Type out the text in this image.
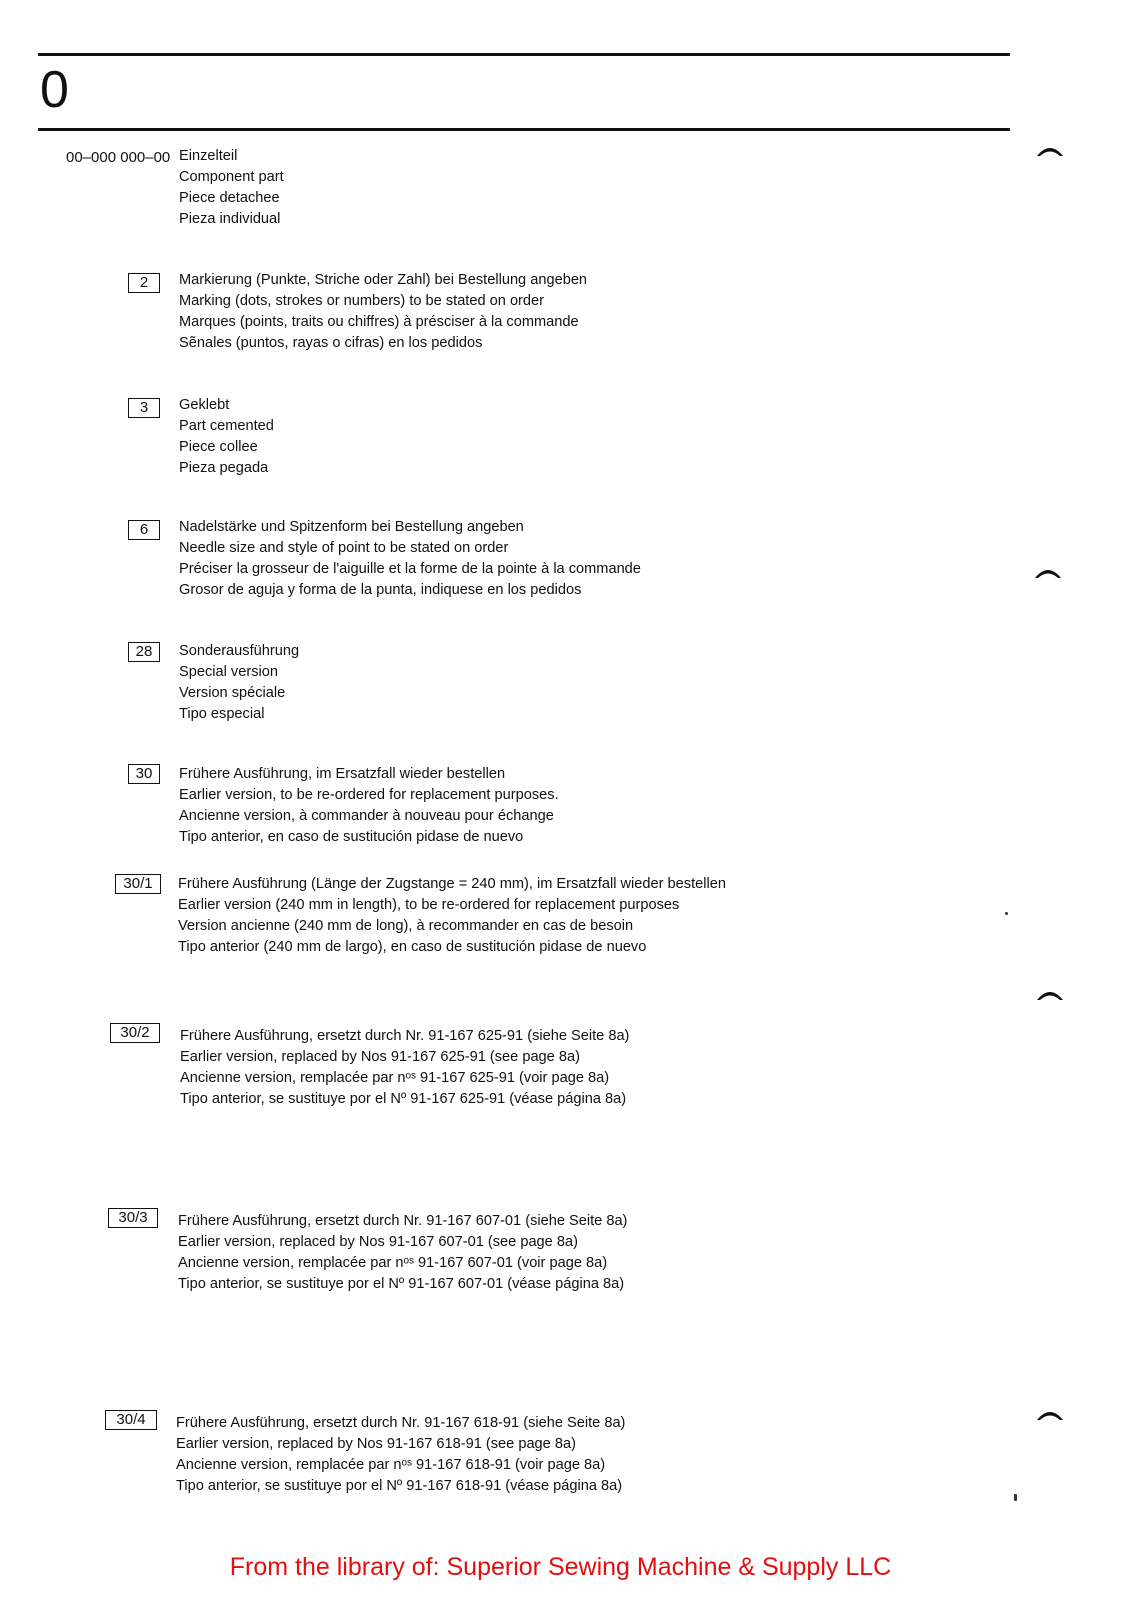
0
00–000 000–00 Einzelteil
Component part
Piece detachee
Pieza individual
2	Markierung (Punkte, Striche oder Zahl) bei Bestellung angeben
Marking (dots, strokes or numbers) to be stated on order
Marques (points, traits ou chiffres) à présciser à la commande
Sẽnales (puntos, rayas o cifras) en los pedidos
3	Geklebt
Part cemented
Piece collee
Pieza pegada
6	Nadelstärke und Spitzenform bei Bestellung angeben
Needle size and style of point to be stated on order
Préciser la grosseur de l'aiguille et la forme de la pointe à la commande
Grosor de aguja y forma de la punta, indiquese en los pedidos
28	Sonderausführung
Special version
Version spéciale
Tipo especial
30	Frühere Ausführung, im Ersatzfall wieder bestellen
Earlier version, to be re-ordered for replacement purposes.
Ancienne version, à commander à nouveau pour échange
Tipo anterior, en caso de sustitución pidase de nuevo
30/1	Frühere Ausführung (Länge der Zugstange = 240 mm), im Ersatzfall wieder bestellen
Earlier version (240 mm in length), to be re-ordered for replacement purposes
Version ancienne (240 mm de long), à recommander en cas de besoin
Tipo anterior (240 mm de largo), en caso de sustitución pidase de nuevo
30/2	Frühere Ausführung, ersetzt durch Nr. 91-167 625-91 (siehe Seite 8a)
Earlier version, replaced by Nos 91-167 625-91 (see page 8a)
Ancienne version, remplacée par nᵒˢ 91-167 625-91 (voir page 8a)
Tipo anterior, se sustituye por el Nº 91-167 625-91 (véase página 8a)
30/3	Frühere Ausführung, ersetzt durch Nr. 91-167 607-01 (siehe Seite 8a)
Earlier version, replaced by Nos 91-167 607-01 (see page 8a)
Ancienne version, remplacée par nᵒˢ 91-167 607-01 (voir page 8a)
Tipo anterior, se sustituye por el Nº 91-167 607-01 (véase página 8a)
30/4	Frühere Ausführung, ersetzt durch Nr. 91-167 618-91 (siehe Seite 8a)
Earlier version, replaced by Nos 91-167 618-91 (see page 8a)
Ancienne version, remplacée par nᵒˢ 91-167 618-91 (voir page 8a)
Tipo anterior, se sustituye por el Nº 91-167 618-91 (véase página 8a)
From the library of: Superior Sewing Machine & Supply LLC
